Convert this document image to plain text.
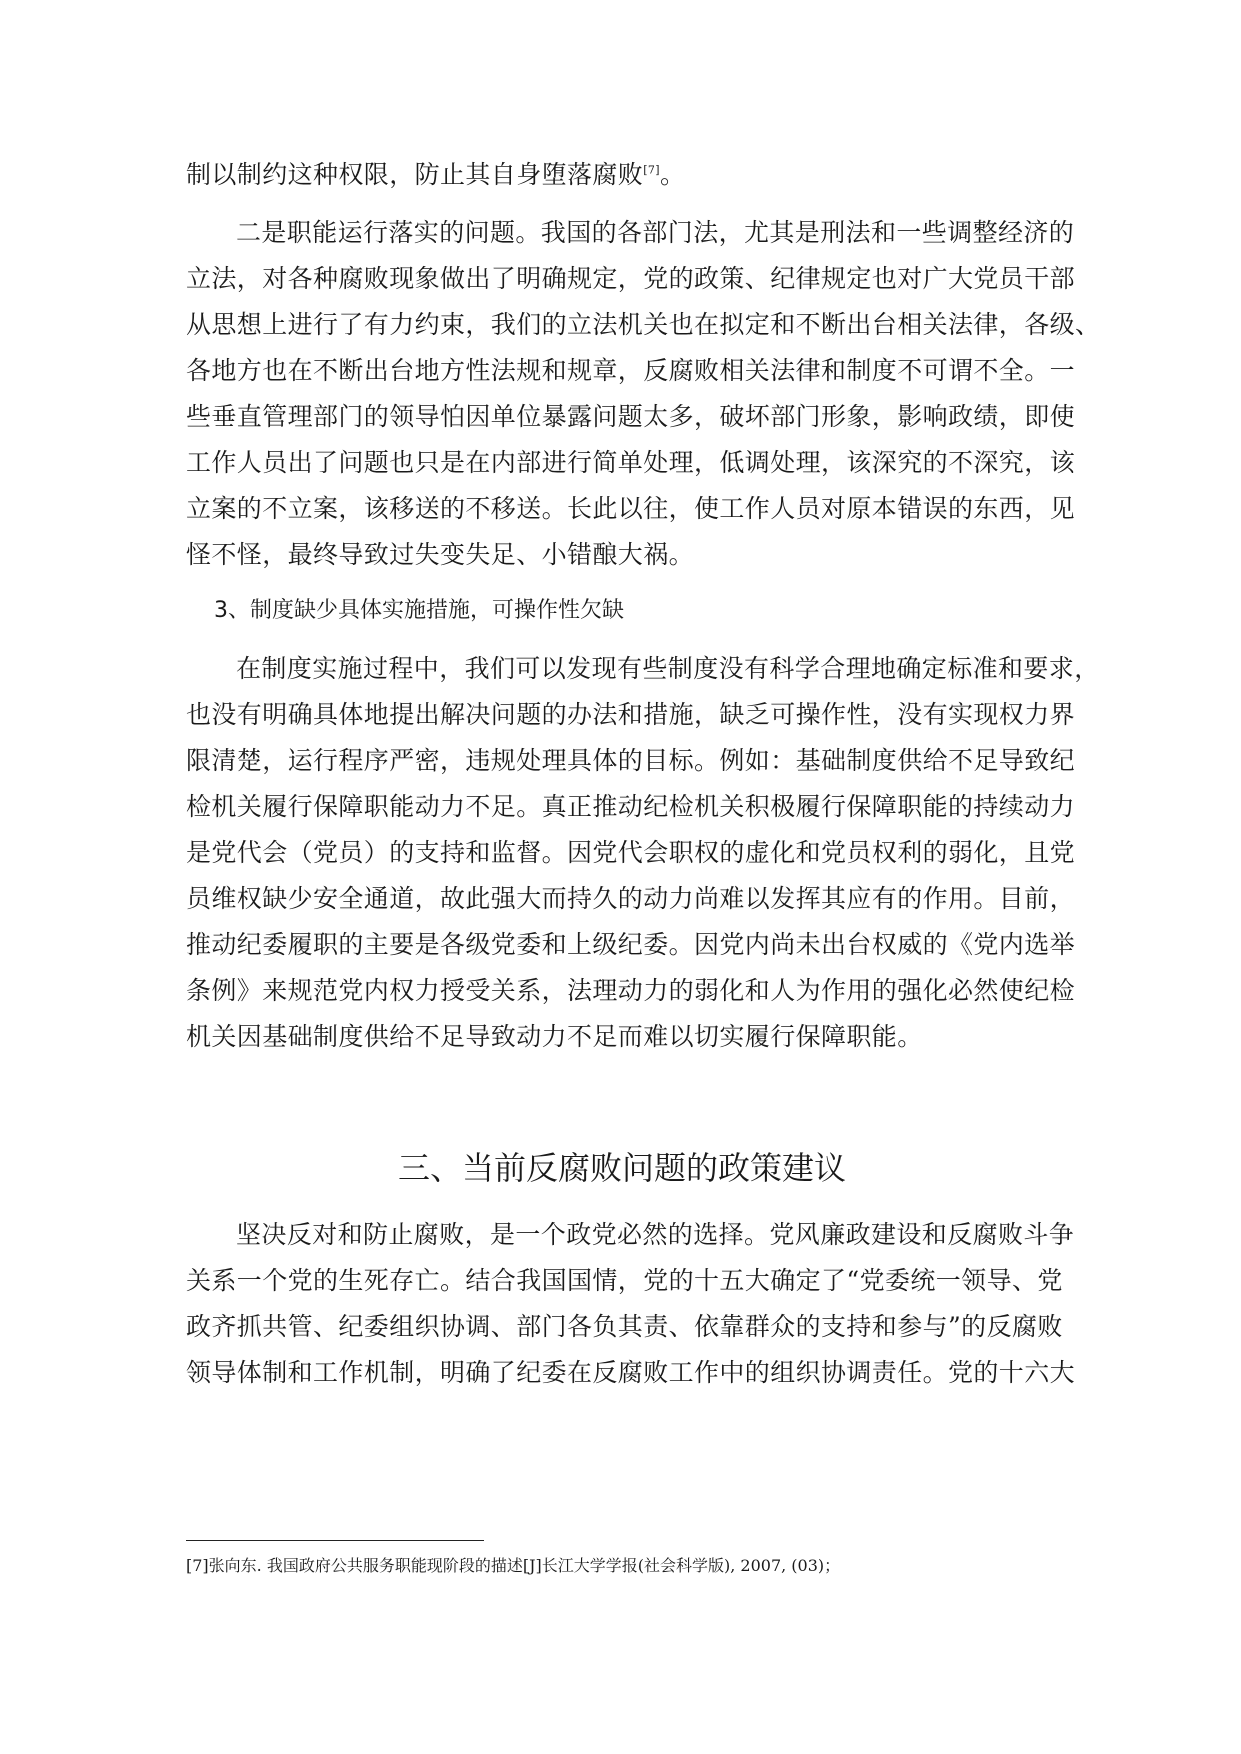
制以制约这种权限，防止其自身堕落腐败[7]。
二是职能运行落实的问题。我国的各部门法，尤其是刑法和一些调整经济的
立法，对各种腐败现象做出了明确规定，党的政策、纪律规定也对广大党员干部
从思想上进行了有力约束，我们的立法机关也在拟定和不断出台相关法律，各级、
各地方也在不断出台地方性法规和规章，反腐败相关法律和制度不可谓不全。一
些垂直管理部门的领导怕因单位暴露问题太多，破坏部门形象，影响政绩，即使
工作人员出了问题也只是在内部进行简单处理，低调处理，该深究的不深究，该
立案的不立案，该移送的不移送。长此以往，使工作人员对原本错误的东西，见
怪不怪，最终导致过失变失足、小错酿大祸。
3、制度缺少具体实施措施，可操作性欠缺
在制度实施过程中，我们可以发现有些制度没有科学合理地确定标准和要求，
也没有明确具体地提出解决问题的办法和措施，缺乏可操作性，没有实现权力界
限清楚，运行程序严密，违规处理具体的目标。例如：基础制度供给不足导致纪
检机关履行保障职能动力不足。真正推动纪检机关积极履行保障职能的持续动力
是党代会（党员）的支持和监督。因党代会职权的虚化和党员权利的弱化，且党
员维权缺少安全通道，故此强大而持久的动力尚难以发挥其应有的作用。目前，
推动纪委履职的主要是各级党委和上级纪委。因党内尚未出台权威的《党内选举
条例》来规范党内权力授受关系，法理动力的弱化和人为作用的强化必然使纪检
机关因基础制度供给不足导致动力不足而难以切实履行保障职能。
三、当前反腐败问题的政策建议
坚决反对和防止腐败，是一个政党必然的选择。党风廉政建设和反腐败斗争
关系一个党的生死存亡。结合我国国情，党的十五大确定了“党委统一领导、党
政齐抓共管、纪委组织协调、部门各负其责、依靠群众的支持和参与”的反腐败
领导体制和工作机制，明确了纪委在反腐败工作中的组织协调责任。党的十六大
[7]张向东. 我国政府公共服务职能现阶段的描述[J]长江大学学报(社会科学版), 2007, (03)；
